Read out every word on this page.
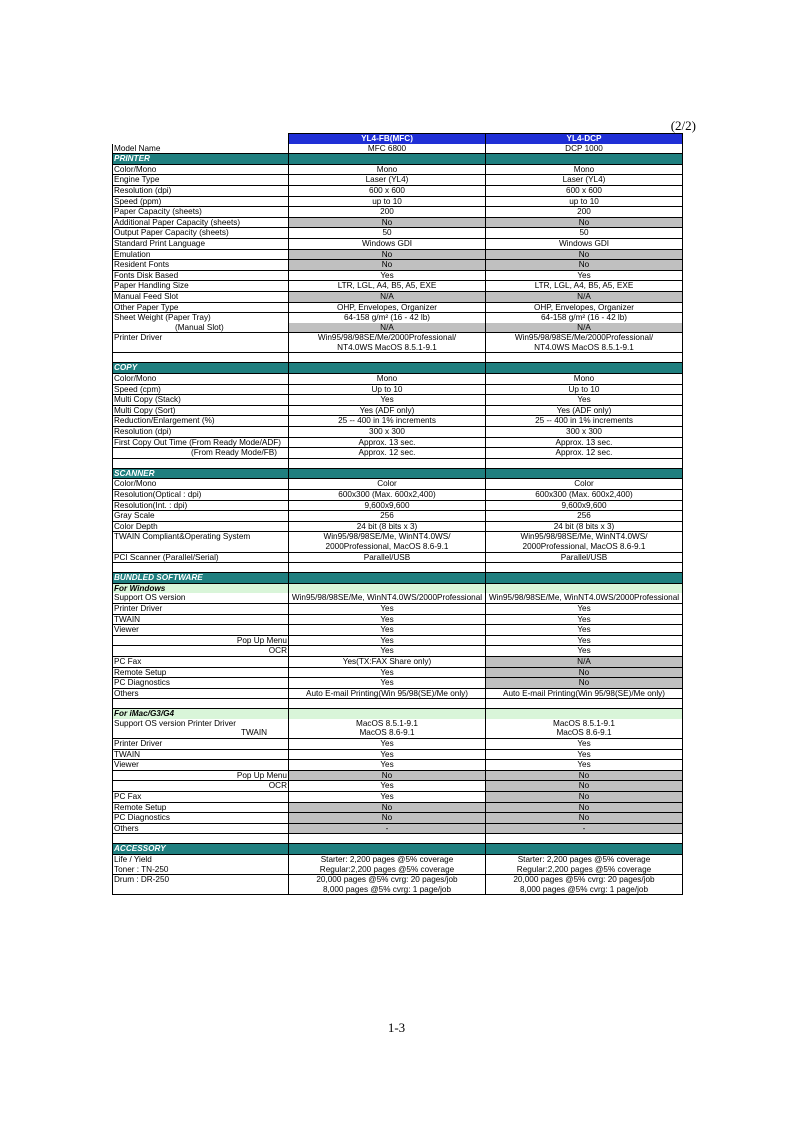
(2/2)
	YL4-FB(MFC)	YL4-DCP
Model Name	MFC 6800	DCP 1000
PRINTER		
Color/Mono	Mono	Mono
Engine Type	Laser (YL4)	Laser (YL4)
Resolution (dpi)	600 x 600	600 x 600
Speed (ppm)	up to 10	up to 10
Paper Capacity (sheets)	200	200
Additional Paper Capacity (sheets)	No	No
Output Paper Capacity (sheets)	50	50
Standard Print Language	Windows GDI	Windows GDI
Emulation	No	No
Resident Fonts	No	No
Fonts Disk Based	Yes	Yes
Paper Handling Size	LTR, LGL, A4, B5, A5, EXE	LTR, LGL, A4, B5, A5, EXE
Manual Feed Slot	N/A	N/A
Other Paper Type	OHP, Envelopes, Organizer	OHP, Envelopes, Organizer
Sheet Weight (Paper Tray)	64-158 g/m² (16 - 42 lb)	64-158 g/m² (16 - 42 lb)
(Manual Slot)	N/A	N/A
Printer Driver	Win95/98/98SE/Me/2000Professional/	Win95/98/98SE/Me/2000Professional/
	NT4.0WS MacOS 8.5.1-9.1	NT4.0WS MacOS 8.5.1-9.1

COPY		
Color/Mono	Mono	Mono
Speed (cpm)	Up to 10	Up to 10
Multi Copy (Stack)	Yes	Yes
Multi Copy (Sort)	Yes (ADF only)	Yes (ADF only)
Reduction/Enlargement (%)	25 -- 400 in 1% increments	25 -- 400 in 1% increments
Resolution (dpi)	300 x 300	300 x 300
First Copy Out Time (From Ready Mode/ADF)	Approx. 13 sec.	Approx. 13 sec.
(From Ready Mode/FB)	Approx. 12 sec.	Approx. 12 sec.

SCANNER		
Color/Mono	Color	Color
Resolution(Optical : dpi)	600x300 (Max. 600x2,400)	600x300 (Max. 600x2,400)
Resolution(Int. : dpi)	9,600x9,600	9,600x9,600
Gray Scale	256	256
Color Depth	24 bit (8 bits x 3)	24 bit (8 bits x 3)
TWAIN Compliant&Operating System	Win95/98/98SE/Me, WinNT4.0WS/	Win95/98/98SE/Me, WinNT4.0WS/
	2000Professional, MacOS 8.6-9.1	2000Professional, MacOS 8.6-9.1
PCI Scanner (Parallel/Serial)	Parallel/USB	Parallel/USB

BUNDLED SOFTWARE		
For Windows		
Support OS version	Win95/98/98SE/Me, WinNT4.0WS/2000Professional	Win95/98/98SE/Me, WinNT4.0WS/2000Professional
Printer Driver	Yes	Yes
TWAIN	Yes	Yes
Viewer	Yes	Yes
Pop Up Menu	Yes	Yes
OCR	Yes	Yes
PC Fax	Yes(TX:FAX Share only)	N/A
Remote Setup	Yes	No
PC Diagnostics	Yes	No
Others	Auto E-mail Printing(Win 95/98(SE)/Me only)	Auto E-mail Printing(Win 95/98(SE)/Me only)

For iMac/G3/G4		
Support OS version Printer Driver	MacOS 8.5.1-9.1	MacOS 8.5.1-9.1
TWAIN	MacOS 8.6-9.1	MacOS 8.6-9.1
Printer Driver	Yes	Yes
TWAIN	Yes	Yes
Viewer	Yes	Yes
Pop Up Menu	No	No
OCR	Yes	No
PC Fax	Yes	No
Remote Setup	No	No
PC Diagnostics	No	No
Others	-	-

ACCESSORY		
Life / Yield	Starter: 2,200 pages @5% coverage	Starter: 2,200 pages @5% coverage
Toner : TN-250	Regular:2,200 pages @5% coverage	Regular:2,200 pages @5% coverage
Drum : DR-250	20,000 pages @5% cvrg: 20 pages/job	20,000 pages @5% cvrg: 20 pages/job
	8,000 pages @5% cvrg: 1 page/job	8,000 pages @5% cvrg: 1 page/job
1-3
